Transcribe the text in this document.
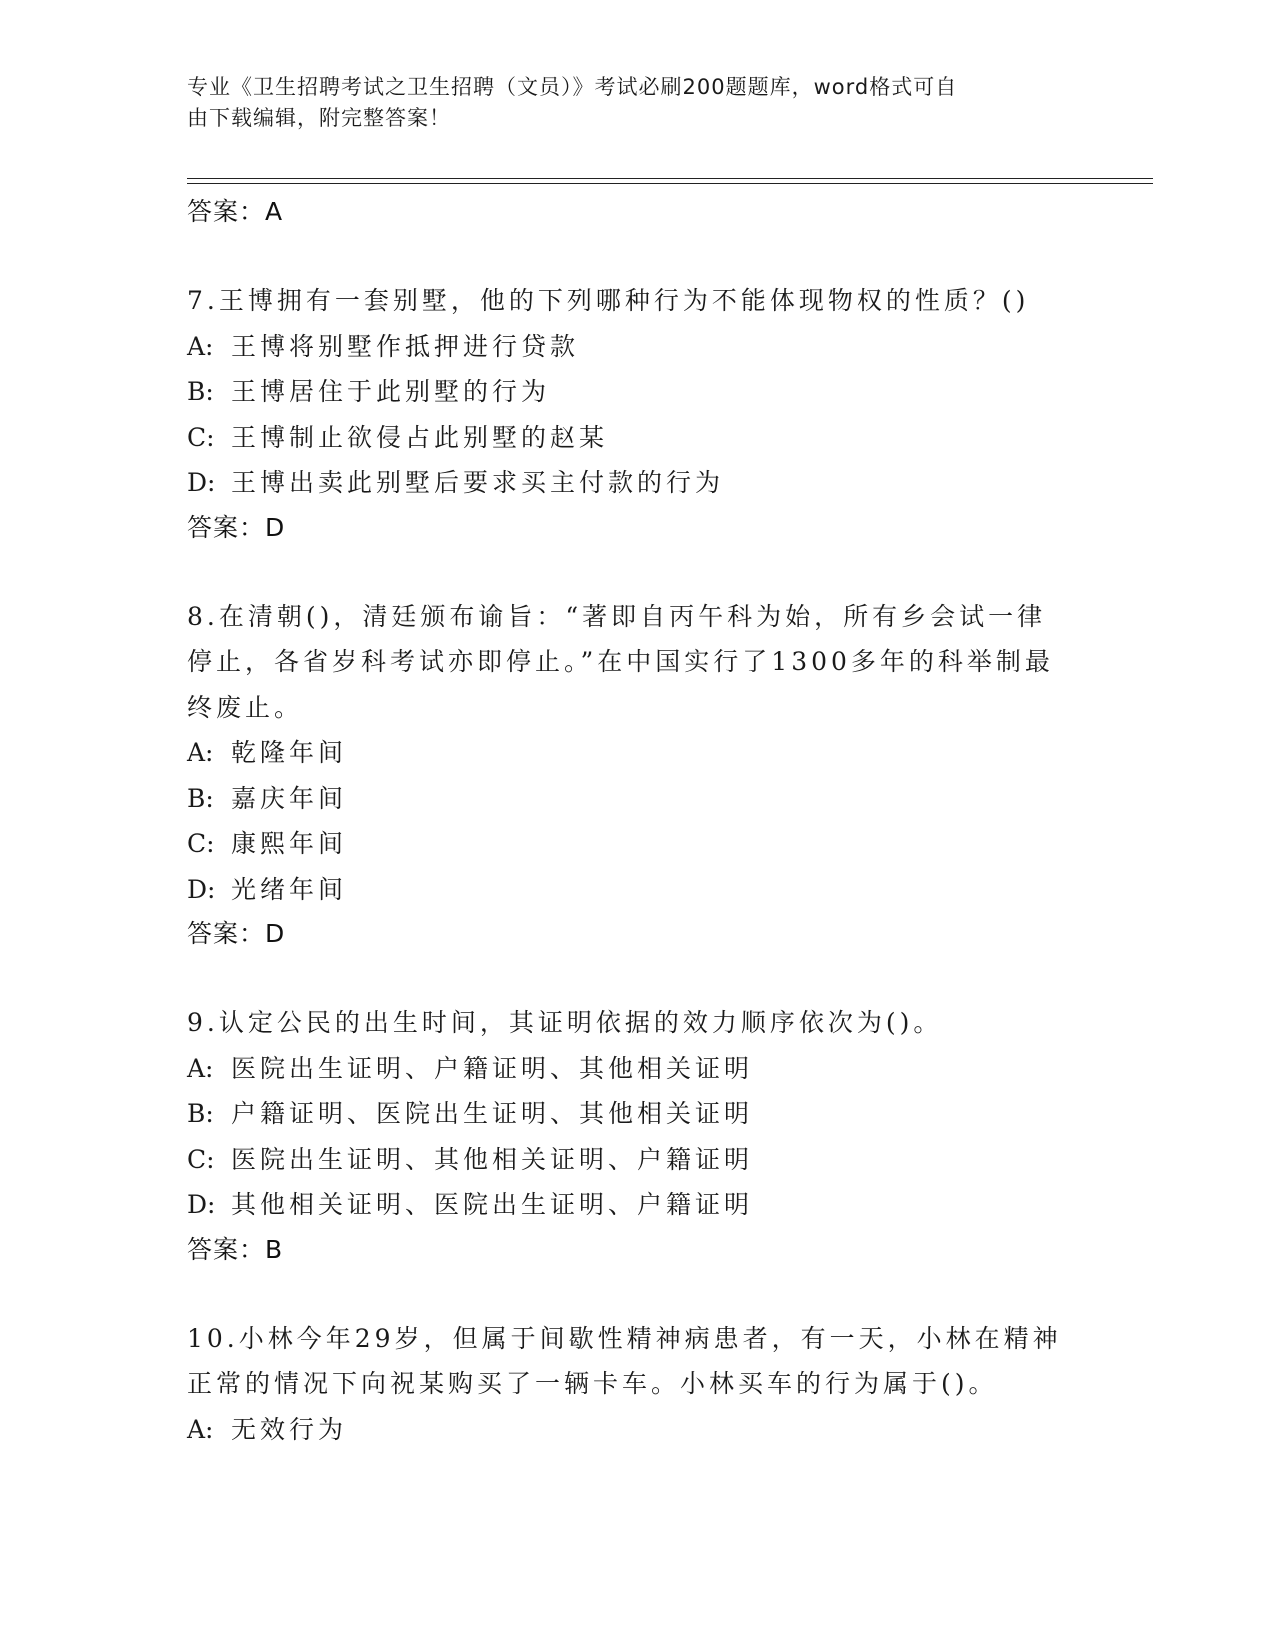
专业《卫生招聘考试之卫生招聘（文员）》考试必刷200题题库，word格式可自
由下载编辑，附完整答案！
答案：A

7.王博拥有一套别墅，他的下列哪种行为不能体现物权的性质？()

A: 王博将别墅作抵押进行贷款
B: 王博居住于此别墅的行为
C: 王博制止欲侵占此别墅的赵某
D: 王博出卖此别墅后要求买主付款的行为
答案：D

8.在清朝()，清廷颁布谕旨：“著即自丙午科为始，所有乡会试一律

停止，各省岁科考试亦即停止。”在中国实行了1300多年的科举制最

终废止。

A: 乾隆年间
B: 嘉庆年间
C: 康熙年间
D: 光绪年间
答案：D

9.认定公民的出生时间，其证明依据的效力顺序依次为()。

A: 医院出生证明、户籍证明、其他相关证明
B: 户籍证明、医院出生证明、其他相关证明
C: 医院出生证明、其他相关证明、户籍证明
D: 其他相关证明、医院出生证明、户籍证明
答案：B

10.小林今年29岁，但属于间歇性精神病患者，有一天，小林在精神

正常的情况下向祝某购买了一辆卡车。小林买车的行为属于()。

A: 无效行为
